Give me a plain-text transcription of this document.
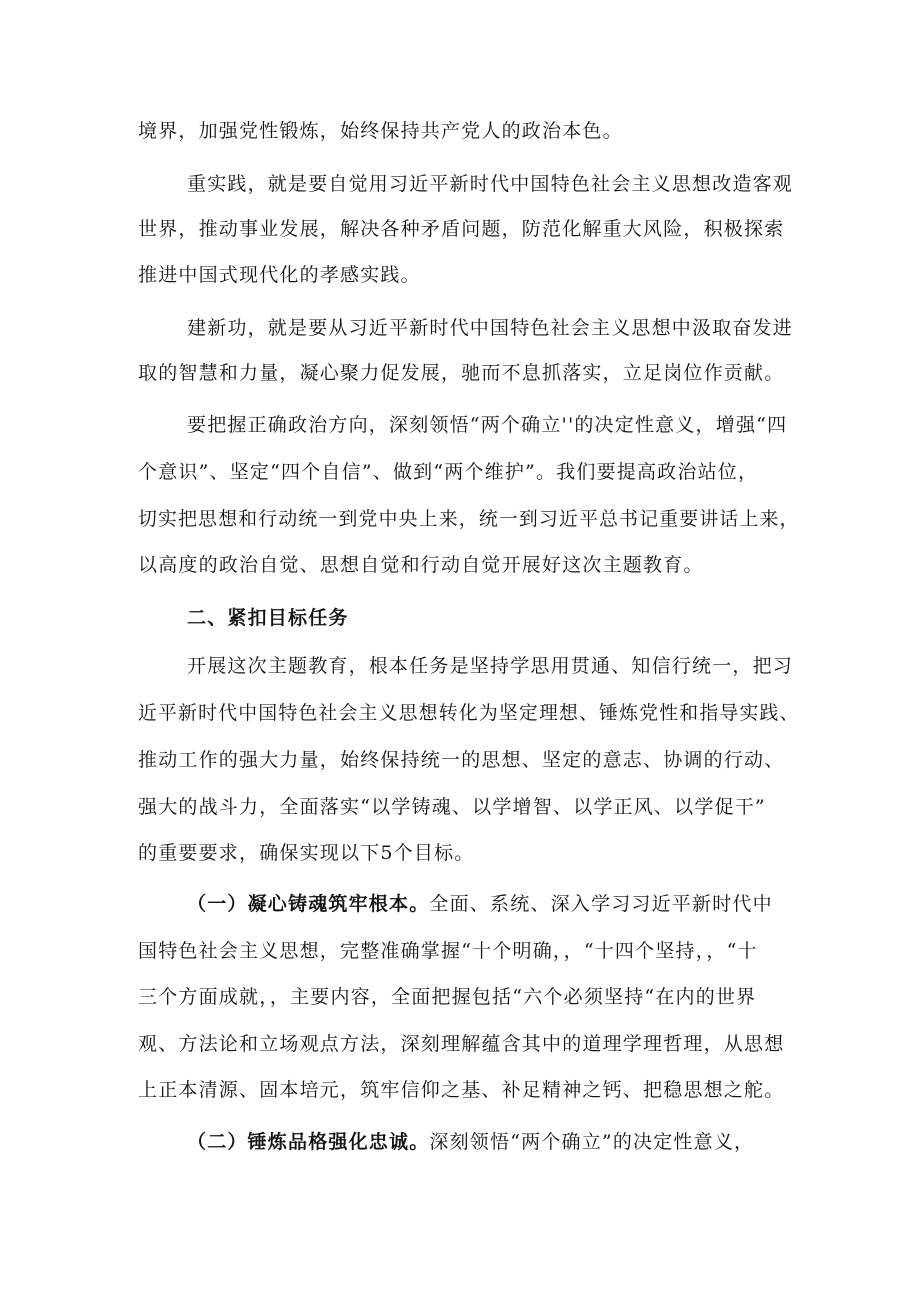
境界，加强党性锻炼，始终保持共产党人的政治本色。
重实践，就是要自觉用习近平新时代中国特色社会主义思想改造客观
世界，推动事业发展，解决各种矛盾问题，防范化解重大风险，积极探索
推进中国式现代化的孝感实践。
建新功，就是要从习近平新时代中国特色社会主义思想中汲取奋发进
取的智慧和力量，凝心聚力促发展，驰而不息抓落实，立足岗位作贡献。
要把握正确政治方向，深刻领悟“两个确立''的决定性意义，增强“四
个意识”、坚定“四个自信”、做到“两个维护”。我们要提高政治站位，
切实把思想和行动统一到党中央上来，统一到习近平总书记重要讲话上来，
以高度的政治自觉、思想自觉和行动自觉开展好这次主题教育。
二、紧扣目标任务
开展这次主题教育，根本任务是坚持学思用贯通、知信行统一，把习
近平新时代中国特色社会主义思想转化为坚定理想、锤炼党性和指导实践、
推动工作的强大力量，始终保持统一的思想、坚定的意志、协调的行动、
强大的战斗力，全面落实“以学铸魂、以学增智、以学正风、以学促干”
的重要要求，确保实现以下5个目标。
（一）凝心铸魂筑牢根本。全面、系统、深入学习习近平新时代中
国特色社会主义思想，完整准确掌握“十个明确，，“十四个坚持，，“十
三个方面成就，，主要内容，全面把握包括“六个必须坚持“在内的世界
观、方法论和立场观点方法，深刻理解蕴含其中的道理学理哲理，从思想
上正本清源、固本培元，筑牢信仰之基、补足精神之钙、把稳思想之舵。
（二）锤炼品格强化忠诚。深刻领悟“两个确立”的决定性意义，
